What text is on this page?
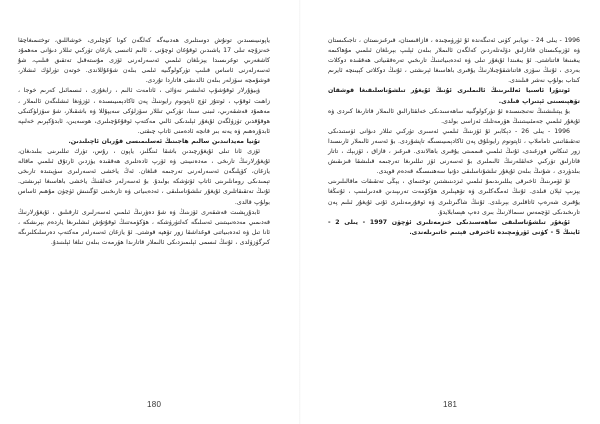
ياپونىيىسىدىن تونۇش دوستلىرى ھەدىيەگە كەلگەن كونا كۈچلىرى، خوشاللىق، توختىمىغاچقا خەنزۇچە تىلى 17 ياشىدىن ئوقۇغان ئوچۇنى ، ئالىم ئاتىسى يازغان تۈركىي تىللار دىۋانى مەھمۇد كاشغەرىي توغرىسىدا يېزىلغان ئىلمىي ئەسەرلەرنى ئۆزى مۇستەقىل تەتقىق قىلىپ، شۇ ئەسەرلەرنى ئاساس قىلىپ تۈركولوگىيە ئىلمى بىلەن شۇغۇللاندى. خوتەن تۈرلۈك ئىشلار، قوشۇمچە سۆزلەر بىلەن ئالدىنقى قاتاردا تۇردى.

ۋېيۋۇرلار ئوقۇشۇپ ئەلىشىر نەۋائى ، ئاتامەت ئالىم ، رابغۇزى ، ئىسمائىل كەرىم خوجا ، زاھىت ئوقۇپ ، ئوتتۇز ئۈچ ئاپتونوم رايوننىڭ پەن ئاكادېمىيىسىدە ، ئۈزۈنغا ئىشلىگەن ئالىملار ، مەھمۇد قەشقەرىي، ئىبنى سىنا، تۈركىي تىللار سۆزلۈكى سەيپۇللا ۋە باشقىلار، شۇ سۆزلۈكتىكى ھوقۇقدىن تۈزۈلگەن ئۇيغۇر ئېلىدىكى ئالىي مەكتەپ ئوقۇغۇچىلىرى، ھوسەيىن، ئابدۇكېرىم خەلىپە ئابدۇرەھىم ۋە يەنە بىر قانچە ئادەمنى ئاتاپ چىقتى.

تۇنيا مەيدانىدىن سالىم ھاجىنىڭ ئەسلىمىسى قۇربان ئاچىلىدىن.

ئۆزى ئانا تىلى ئۇيغۇرچىدىن باشقا ئىنگلىز، ياپون ، رۇس، تۈرك تىللىرىنى بىلىدىغان، ئۇيغۇرلارنىڭ تارىخى ، مەدەنىيىتى ۋە ئۆرپ ئادەتلىرى ھەققىدە يۈزدىن ئارتۇق ئىلمىي ماقالە يازغان، كۆپلىگەن ئەسەرلەرنى تەرجىمە قىلغان. ئەڭ ياخشى ئەسەرلىرى سۈپىتىدە تارىخى تېمىدىكى رومانلىرىنى ئاتاپ ئۆتۈشكە بولىدۇ. بۇ ئەسەرلەر خەلقنىڭ ياخشى باھاسىغا ئېرىشتى. ئۇنىڭ تەتقىقاتلىرى ئۇيغۇر تىلشۇناسلىقى ، ئەدەبىياتى ۋە تارىخىنى ئۆگىنىش ئۈچۈن مۇھىم ئاساس بولۇپ قالدى.

ئابدۇرېشىت قەشقەرى ئۆزىنىڭ ۋە شۇ دەۋرنىڭ ئىلمىي ئەسەرلىرى ئارقىلىق ، ئۇيغۇرلارنىڭ قەدىمىي مەدەنىيىتىنى ئەسلىگە كەلتۈرۈشكە ، ھۆكۈمەتنىڭ ئوقۇتۇش ئىشلىرىغا ياردەم بېرىشكە ، ئانا تىل ۋە ئەدەبىياتنى قوغداشقا زور تۆھپە قوشتى. ئۇ يازغان ئەسەرلەر مەكتەپ دەرسلىكلىرىگە كىرگۈزۈلدى ، ئۇنىڭ ئىسمى ئېلىمىزدىكى ئالىملار قاتارىدا ھۆرمەت بىلەن تىلغا ئېلىنىدۇ.

180

1996 - يىلى 24 - نويابىر كۈنى ئەتىگەندە ئۇ ئۈرۈمچىدە ، قازاقىستان، قىرغىزىستان ، تاجىكىستان ۋە ئۆزبېكىستان قاتارلىق دۆلەتلەردىن كەلگەن ئالىملار بىلەن ئېلىپ بېرىلغان ئىلمىي مۇھاكىمە يىغىنىغا قاتناشتى. ئۇ يىغىندا ئۇيغۇر تىلى ۋە ئەدەبىياتىنىڭ تارىخىي تەرەققىياتى ھەققىدە دوكلات بەردى ، ئۇنىڭ سۆزى قاتناشقۇچىلارنىڭ يۇقىرى باھاسىغا ئېرىشتى ، ئۇنىڭ دوكلاتى كېيىنچە ئايرىم كىتاب بولۇپ نەشر قىلىندى.

ئوتتۇرا ئاسىيا ئەللىرىنىڭ ئالىملىرى ئۇنىڭ ئۇيغۇر تىلشۇناسلىقىغا قوشقان تۆھپىسىنى ئېتىراپ قىلدى.

بۇ يېتىلىشنىڭ نەتىجىسىدە ئۇ تۈركولوگىيە ساھەسىدىكى خەلقئارالىق ئالىملار قاتارىغا كىردى ۋە ئۇيغۇر ئىلمىي جەمئىيىتىنىڭ ھۆرمەتلىك ئەزاسى بولدى.

1996 - يىلى 26 - دېكابىر ئۇ ئۆزىنىڭ ئىلمىي ئەسىرى تۈركىي تىللار دىۋانى ئۈستىدىكى تەتقىقاتىنى تاماملاپ ، ئاپتونوم رايونلۇق پەن ئاكادېمىيىسىگە تاپشۇردى. بۇ ئەسەر ئالىملار ئارىسىدا زور ئىنكاس قوزغىدى، ئۇنىڭ ئىلمىي قىممىتى يۇقىرى باھالاندى. قىرغىز ، قازاق ، ئۆزبېك ، تاتار قاتارلىق تۈركىي خەلقلەرنىڭ ئالىملىرى بۇ ئەسەرنى ئۆز تىللىرىغا تەرجىمە قىلىشقا قىزىقىش بىلدۈردى ، شۇنىڭ بىلەن ئۇيغۇر تىلشۇناسلىقى دۇنيا سەھنىسىگە قەدەم قويدى.

ئۇ ئۆمرىنىڭ ئاخىرقى يىللىرىدىمۇ ئىلمىي ئىزدىنىشتىن توختىماي ، يېڭى تەتقىقات ماقالىلىرىنى يېزىپ ئېلان قىلدى. ئۇنىڭ ئەمگەكلىرى ۋە تۆھپىلىرى ھۆكۈمەت تەرىپىدىن قەدىرلىنىپ ، ئۇنىڭغا يۇقىرى شەرەپ ئاتاقلىرى بېرىلدى. ئۇنىڭ شاگىرتلىرى ۋە ئوقۇرمەنلىرى ئۇنى ئۇيغۇر ئىلىم پەن تارىخىدىكى ئۆچمەس سىمالارنىڭ بىرى دەپ ھېسابلايدۇ.

ئۇيغۇر تىلشۇناسلىقى ساھەسىدىكى خىزمەتلىرى ئۈچۈن 1997 - يىلى 2 - ئاينىڭ 5 - كۈنى ئۈرۈمچىدە ئاخىرقى قېتىم خاتىرىلەندى.

181
